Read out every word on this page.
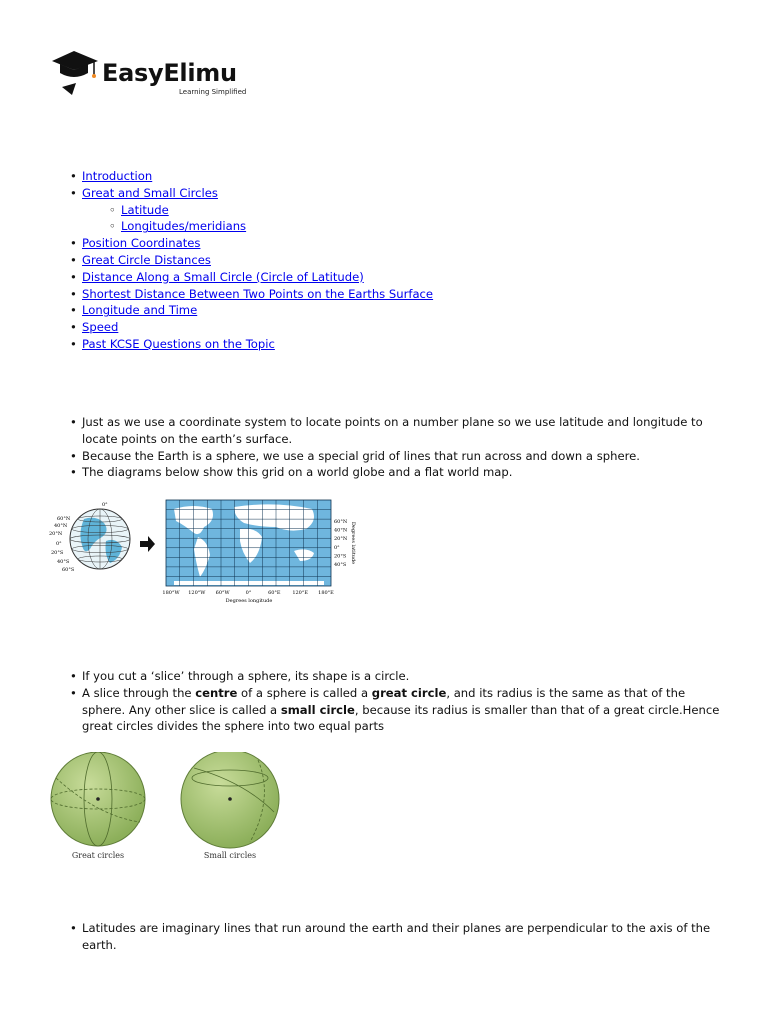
EasyElimu
Learning Simplified
• Introduction
• Great and Small Circles
◦ Latitude
◦ Longitudes/meridians
• Position Coordinates
• Great Circle Distances
• Distance Along a Small Circle (Circle of Latitude)
• Shortest Distance Between Two Points on the Earths Surface
• Longitude and Time
• Speed
• Past KCSE Questions on the Topic
• Just as we use a coordinate system to locate points on a number plane so we use latitude and longitude to locate points on the earth’s surface.
• Because the Earth is a sphere, we use a special grid of lines that run across and down a sphere.
• The diagrams below show this grid on a world globe and a flat world map.
0°
60°N
40°N
20°N
0°
20°S
40°S
60°S
60°N
40°N
20°N
0°
20°S
40°S
180°W 120°W 60°W	0°	60°E 120°E 180°E
Degrees longitude
Degrees latitude
• If you cut a ‘slice’ through a sphere, its shape is a circle.
• A slice through the centre of a sphere is called a great circle, and its radius is the same as that of the sphere. Any other slice is called a small circle, because its radius is smaller than that of a great circle.Hence great circles divides the sphere into two equal parts
Great circles	Small circles
• Latitudes are imaginary lines that run around the earth and their planes are perpendicular to the axis of the earth.
